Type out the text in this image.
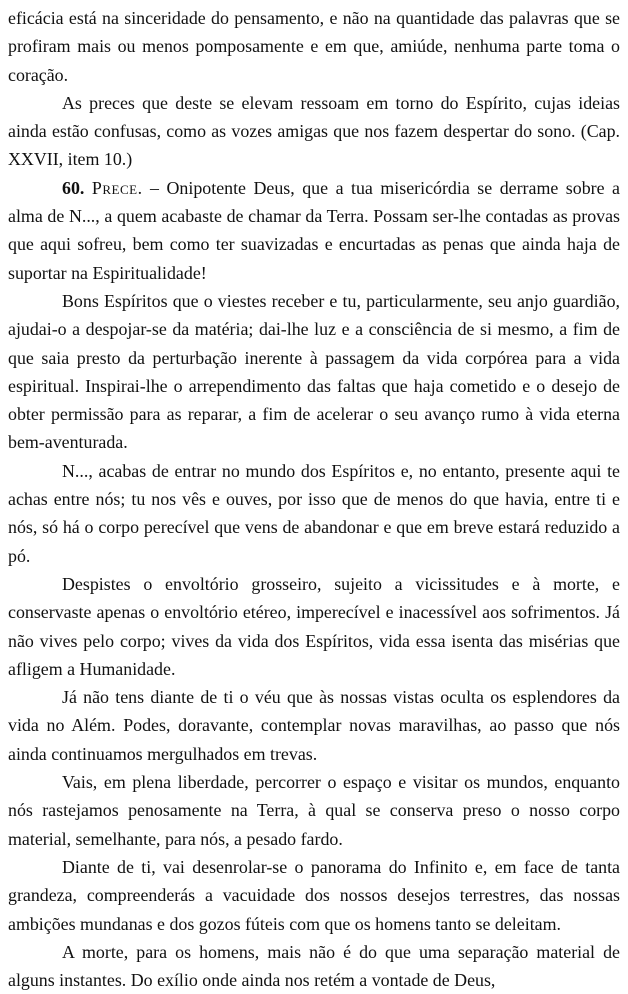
eficácia está na sinceridade do pensamento, e não na quantidade das palavras que se profiram mais ou menos pomposamente e em que, amiúde, nenhuma parte toma o coração.

As preces que deste se elevam ressoam em torno do Espírito, cujas ideias ainda estão confusas, como as vozes amigas que nos fazem despertar do sono. (Cap. XXVII, item 10.)

60. Prece. – Onipotente Deus, que a tua misericórdia se derrame sobre a alma de N..., a quem acabaste de chamar da Terra. Possam ser-lhe contadas as provas que aqui sofreu, bem como ter suavizadas e encurtadas as penas que ainda haja de suportar na Espiritualidade!

Bons Espíritos que o viestes receber e tu, particularmente, seu anjo guardião, ajudai-o a despojar-se da matéria; dai-lhe luz e a consciência de si mesmo, a fim de que saia presto da perturbação inerente à passagem da vida corpórea para a vida espiritual. Inspirai-lhe o arrependimento das faltas que haja cometido e o desejo de obter permissão para as reparar, a fim de acelerar o seu avanço rumo à vida eterna bem-aventurada.

N..., acabas de entrar no mundo dos Espíritos e, no entanto, presente aqui te achas entre nós; tu nos vês e ouves, por isso que de menos do que havia, entre ti e nós, só há o corpo perecível que vens de abandonar e que em breve estará reduzido a pó.

Despistes o envoltório grosseiro, sujeito a vicissitudes e à morte, e conservaste apenas o envoltório etéreo, imperecível e inacessível aos sofrimentos. Já não vives pelo corpo; vives da vida dos Espíritos, vida essa isenta das misérias que afligem a Humanidade.

Já não tens diante de ti o véu que às nossas vistas oculta os esplendores da vida no Além. Podes, doravante, contemplar novas maravilhas, ao passo que nós ainda continuamos mergulhados em trevas.

Vais, em plena liberdade, percorrer o espaço e visitar os mundos, enquanto nós rastejamos penosamente na Terra, à qual se conserva preso o nosso corpo material, semelhante, para nós, a pesado fardo.

Diante de ti, vai desenrolar-se o panorama do Infinito e, em face de tanta grandeza, compreenderás a vacuidade dos nossos desejos terrestres, das nossas ambições mundanas e dos gozos fúteis com que os homens tanto se deleitam.

A morte, para os homens, mais não é do que uma separação material de alguns instantes. Do exílio onde ainda nos retém a vontade de Deus,
